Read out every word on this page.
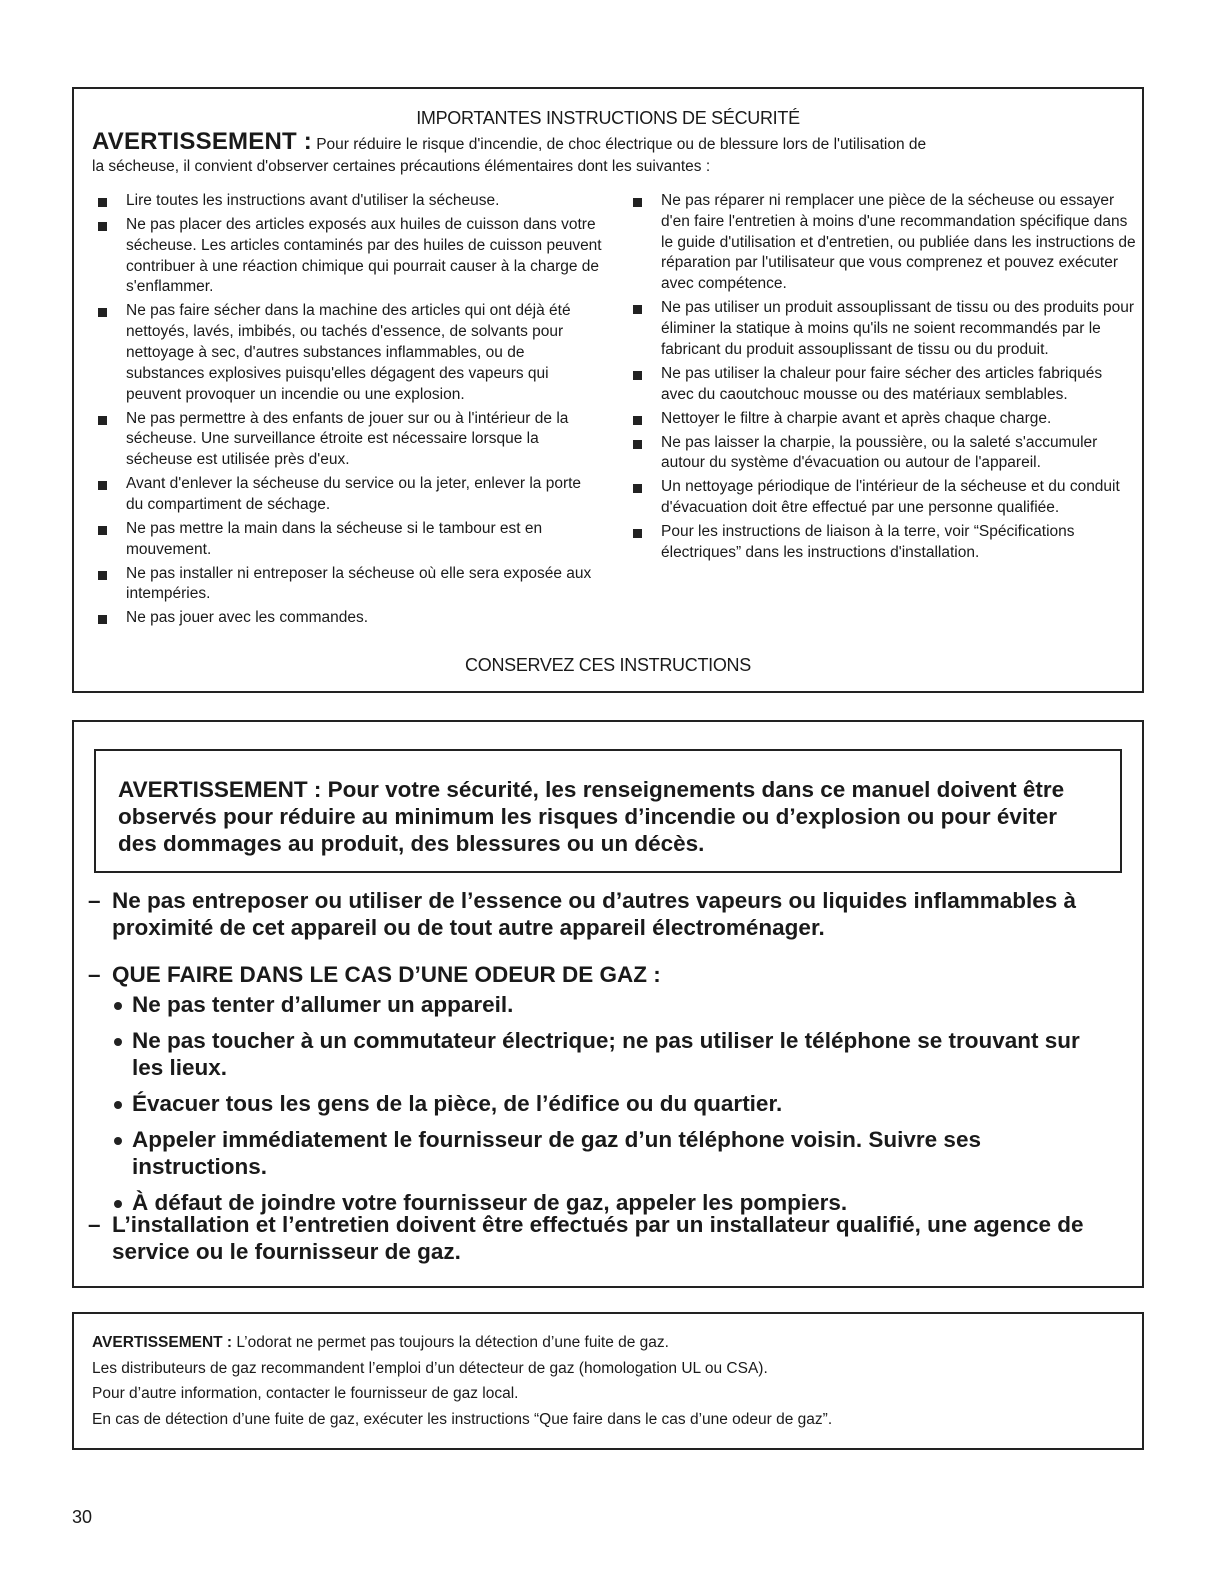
IMPORTANTES INSTRUCTIONS DE SÉCURITÉ
AVERTISSEMENT : Pour réduire le risque d'incendie, de choc électrique ou de blessure lors de l'utilisation de
la sécheuse, il convient d'observer certaines précautions élémentaires dont les suivantes :
Lire toutes les instructions avant d'utiliser la sécheuse.
Ne pas placer des articles exposés aux huiles de cuisson dans votre sécheuse. Les articles contaminés par des huiles de cuisson peuvent contribuer à une réaction chimique qui pourrait causer à la charge de s'enflammer.
Ne pas faire sécher dans la machine des articles qui ont déjà été nettoyés, lavés, imbibés, ou tachés d'essence, de solvants pour nettoyage à sec, d'autres substances inflammables, ou de substances explosives puisqu'elles dégagent des vapeurs qui peuvent provoquer un incendie ou une explosion.
Ne pas permettre à des enfants de jouer sur ou à l'intérieur de la sécheuse. Une surveillance étroite est nécessaire lorsque la sécheuse est utilisée près d'eux.
Avant d'enlever la sécheuse du service ou la jeter, enlever la porte du compartiment de séchage.
Ne pas mettre la main dans la sécheuse si le tambour est en mouvement.
Ne pas installer ni entreposer la sécheuse où elle sera exposée aux intempéries.
Ne pas jouer avec les commandes.
Ne pas réparer ni remplacer une pièce de la sécheuse ou essayer d'en faire l'entretien à moins d'une recommandation spécifique dans le guide d'utilisation et d'entretien, ou publiée dans les instructions de réparation par l'utilisateur que vous comprenez et pouvez exécuter avec compétence.
Ne pas utiliser un produit assouplissant de tissu ou des produits pour éliminer la statique à moins qu'ils ne soient recommandés par le fabricant du produit assouplissant de tissu ou du produit.
Ne pas utiliser la chaleur pour faire sécher des articles fabriqués avec du caoutchouc mousse ou des matériaux semblables.
Nettoyer le filtre à charpie avant et après chaque charge.
Ne pas laisser la charpie, la poussière, ou la saleté s'accumuler autour du système d'évacuation ou autour de l'appareil.
Un nettoyage périodique de l'intérieur de la sécheuse et du conduit d'évacuation doit être effectué par une personne qualifiée.
Pour les instructions de liaison à la terre, voir “Spécifications électriques” dans les instructions d'installation.
CONSERVEZ CES INSTRUCTIONS
AVERTISSEMENT : Pour votre sécurité, les renseignements dans ce manuel doivent être observés pour réduire au minimum les risques d’incendie ou d’explosion ou pour éviter des dommages au produit, des blessures ou un décès.
– Ne pas entreposer ou utiliser de l’essence ou d’autres vapeurs ou liquides inflammables à proximité de cet appareil ou de tout autre appareil électroménager.
– QUE FAIRE DANS LE CAS D’UNE ODEUR DE GAZ :
Ne pas tenter d’allumer un appareil.
Ne pas toucher à un commutateur électrique; ne pas utiliser le téléphone se trouvant sur les lieux.
Évacuer tous les gens de la pièce, de l’édifice ou du quartier.
Appeler immédiatement le fournisseur de gaz d’un téléphone voisin. Suivre ses instructions.
À défaut de joindre votre fournisseur de gaz, appeler les pompiers.
– L’installation et l’entretien doivent être effectués par un installateur qualifié, une agence de service ou le fournisseur de gaz.
AVERTISSEMENT : L’odorat ne permet pas toujours la détection d’une fuite de gaz.
Les distributeurs de gaz recommandent l’emploi d’un détecteur de gaz (homologation UL ou CSA).
Pour d’autre information, contacter le fournisseur de gaz local.
En cas de détection d’une fuite de gaz, exécuter les instructions “Que faire dans le cas d’une odeur de gaz”.
30
